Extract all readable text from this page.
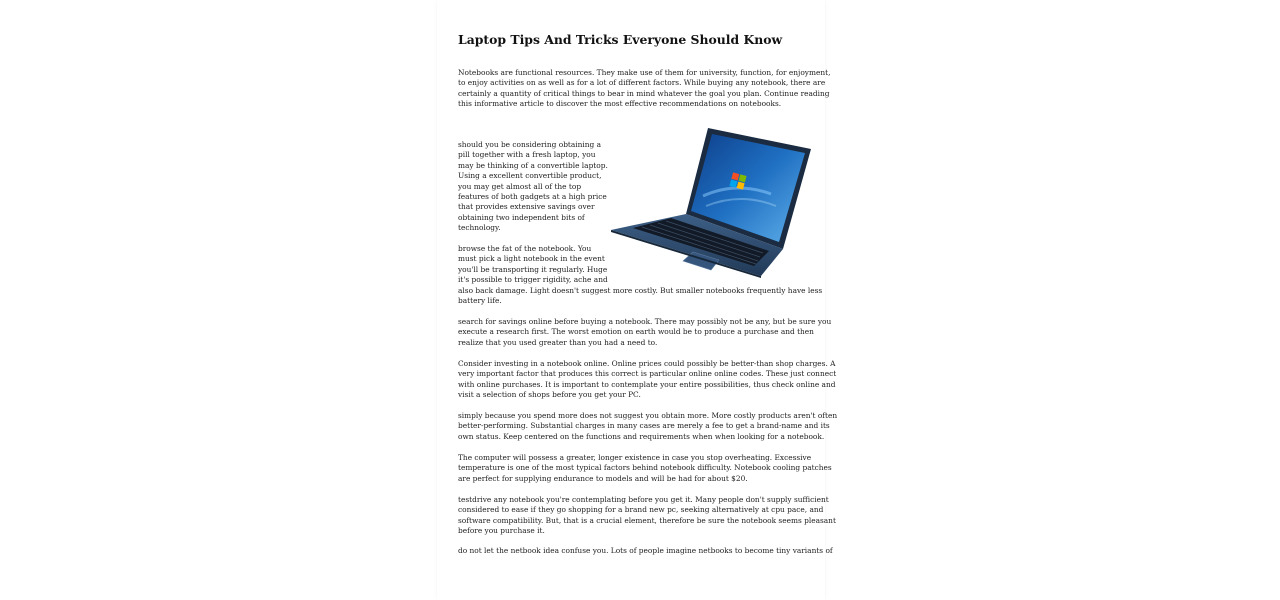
Laptop Tips And Tricks Everyone Should Know

Notebooks are functional resources. They make use of them for university, function, for enjoyment,

to enjoy activities on as well as for a lot of different factors. While buying any notebook, there are

certainly a quantity of critical things to bear in mind whatever the goal you plan. Continue reading

this informative article to discover the most effective recommendations on notebooks.

should you be considering obtaining a

pill together with a fresh laptop, you

may be thinking of a convertible laptop.

Using a excellent convertible product,

you may get almost all of the top

features of both gadgets at a high price

that provides extensive savings over

obtaining two independent bits of

technology.

browse the fat of the notebook. You

must pick a light notebook in the event

you'll be transporting it regularly. Huge

it's possible to trigger rigidity, ache and

also back damage. Light doesn't suggest more costly. But smaller notebooks frequently have less

battery life.

search for savings online before buying a notebook. There may possibly not be any, but be sure you

execute a research first. The worst emotion on earth would be to produce a purchase and then

realize that you used greater than you had a need to.

Consider investing in a notebook online. Online prices could possibly be better-than shop charges. A

very important factor that produces this correct is particular online online codes. These just connect

with online purchases. It is important to contemplate your entire possibilities, thus check online and

visit a selection of shops before you get your PC.

simply because you spend more does not suggest you obtain more. More costly products aren't often

better-performing. Substantial charges in many cases are merely a fee to get a brand-name and its

own status. Keep centered on the functions and requirements when when looking for a notebook.

The computer will possess a greater, longer existence in case you stop overheating. Excessive

temperature is one of the most typical factors behind notebook difficulty. Notebook cooling patches

are perfect for supplying endurance to models and will be had for about $20.

testdrive any notebook you're contemplating before you get it. Many people don't supply sufficient

considered to ease if they go shopping for a brand new pc, seeking alternatively at cpu pace, and

software compatibility. But, that is a crucial element, therefore be sure the notebook seems pleasant

before you purchase it.

do not let the netbook idea confuse you. Lots of people imagine netbooks to become tiny variants of
